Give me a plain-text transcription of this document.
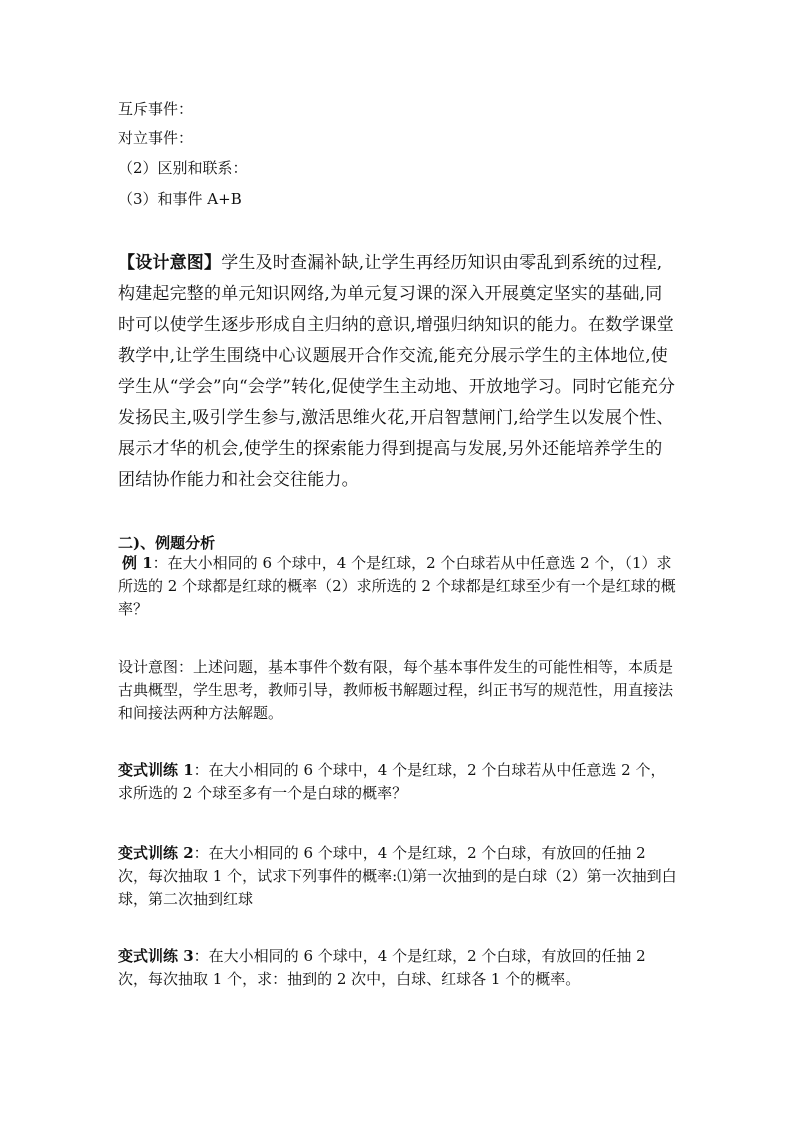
互斥事件：
对立事件：
（2）区别和联系：
（3）和事件 A+B
【设计意图】学生及时查漏补缺,让学生再经历知识由零乱到系统的过程,构建起完整的单元知识网络,为单元复习课的深入开展奠定坚实的基础,同时可以使学生逐步形成自主归纳的意识,增强归纳知识的能力。在数学课堂教学中,让学生围绕中心议题展开合作交流,能充分展示学生的主体地位,使学生从“学会”向“会学”转化,促使学生主动地、开放地学习。同时它能充分发扬民主,吸引学生参与,激活思维火花,开启智慧闸门,给学生以发展个性、展示才华的机会,使学生的探索能力得到提高与发展,另外还能培养学生的团结协作能力和社会交往能力。
二)、例题分析
例 1：在大小相同的 6 个球中，4 个是红球，2 个白球若从中任意选 2 个，（1）求所选的 2 个球都是红球的概率（2）求所选的 2 个球都是红球至少有一个是红球的概率？
设计意图：上述问题，基本事件个数有限，每个基本事件发生的可能性相等，本质是古典概型，学生思考，教师引导，教师板书解题过程，纠正书写的规范性，用直接法和间接法两种方法解题。
变式训练 1：在大小相同的 6 个球中，4 个是红球，2 个白球若从中任意选 2 个，求所选的 2 个球至多有一个是白球的概率？
变式训练 2：在大小相同的 6 个球中，4 个是红球，2 个白球，有放回的任抽 2 次，每次抽取 1 个，试求下列事件的概率:⑴第一次抽到的是白球（2）第一次抽到白球，第二次抽到红球
变式训练 3：在大小相同的 6 个球中，4 个是红球，2 个白球，有放回的任抽 2 次，每次抽取 1 个，求：抽到的 2 次中，白球、红球各 1 个的概率。
